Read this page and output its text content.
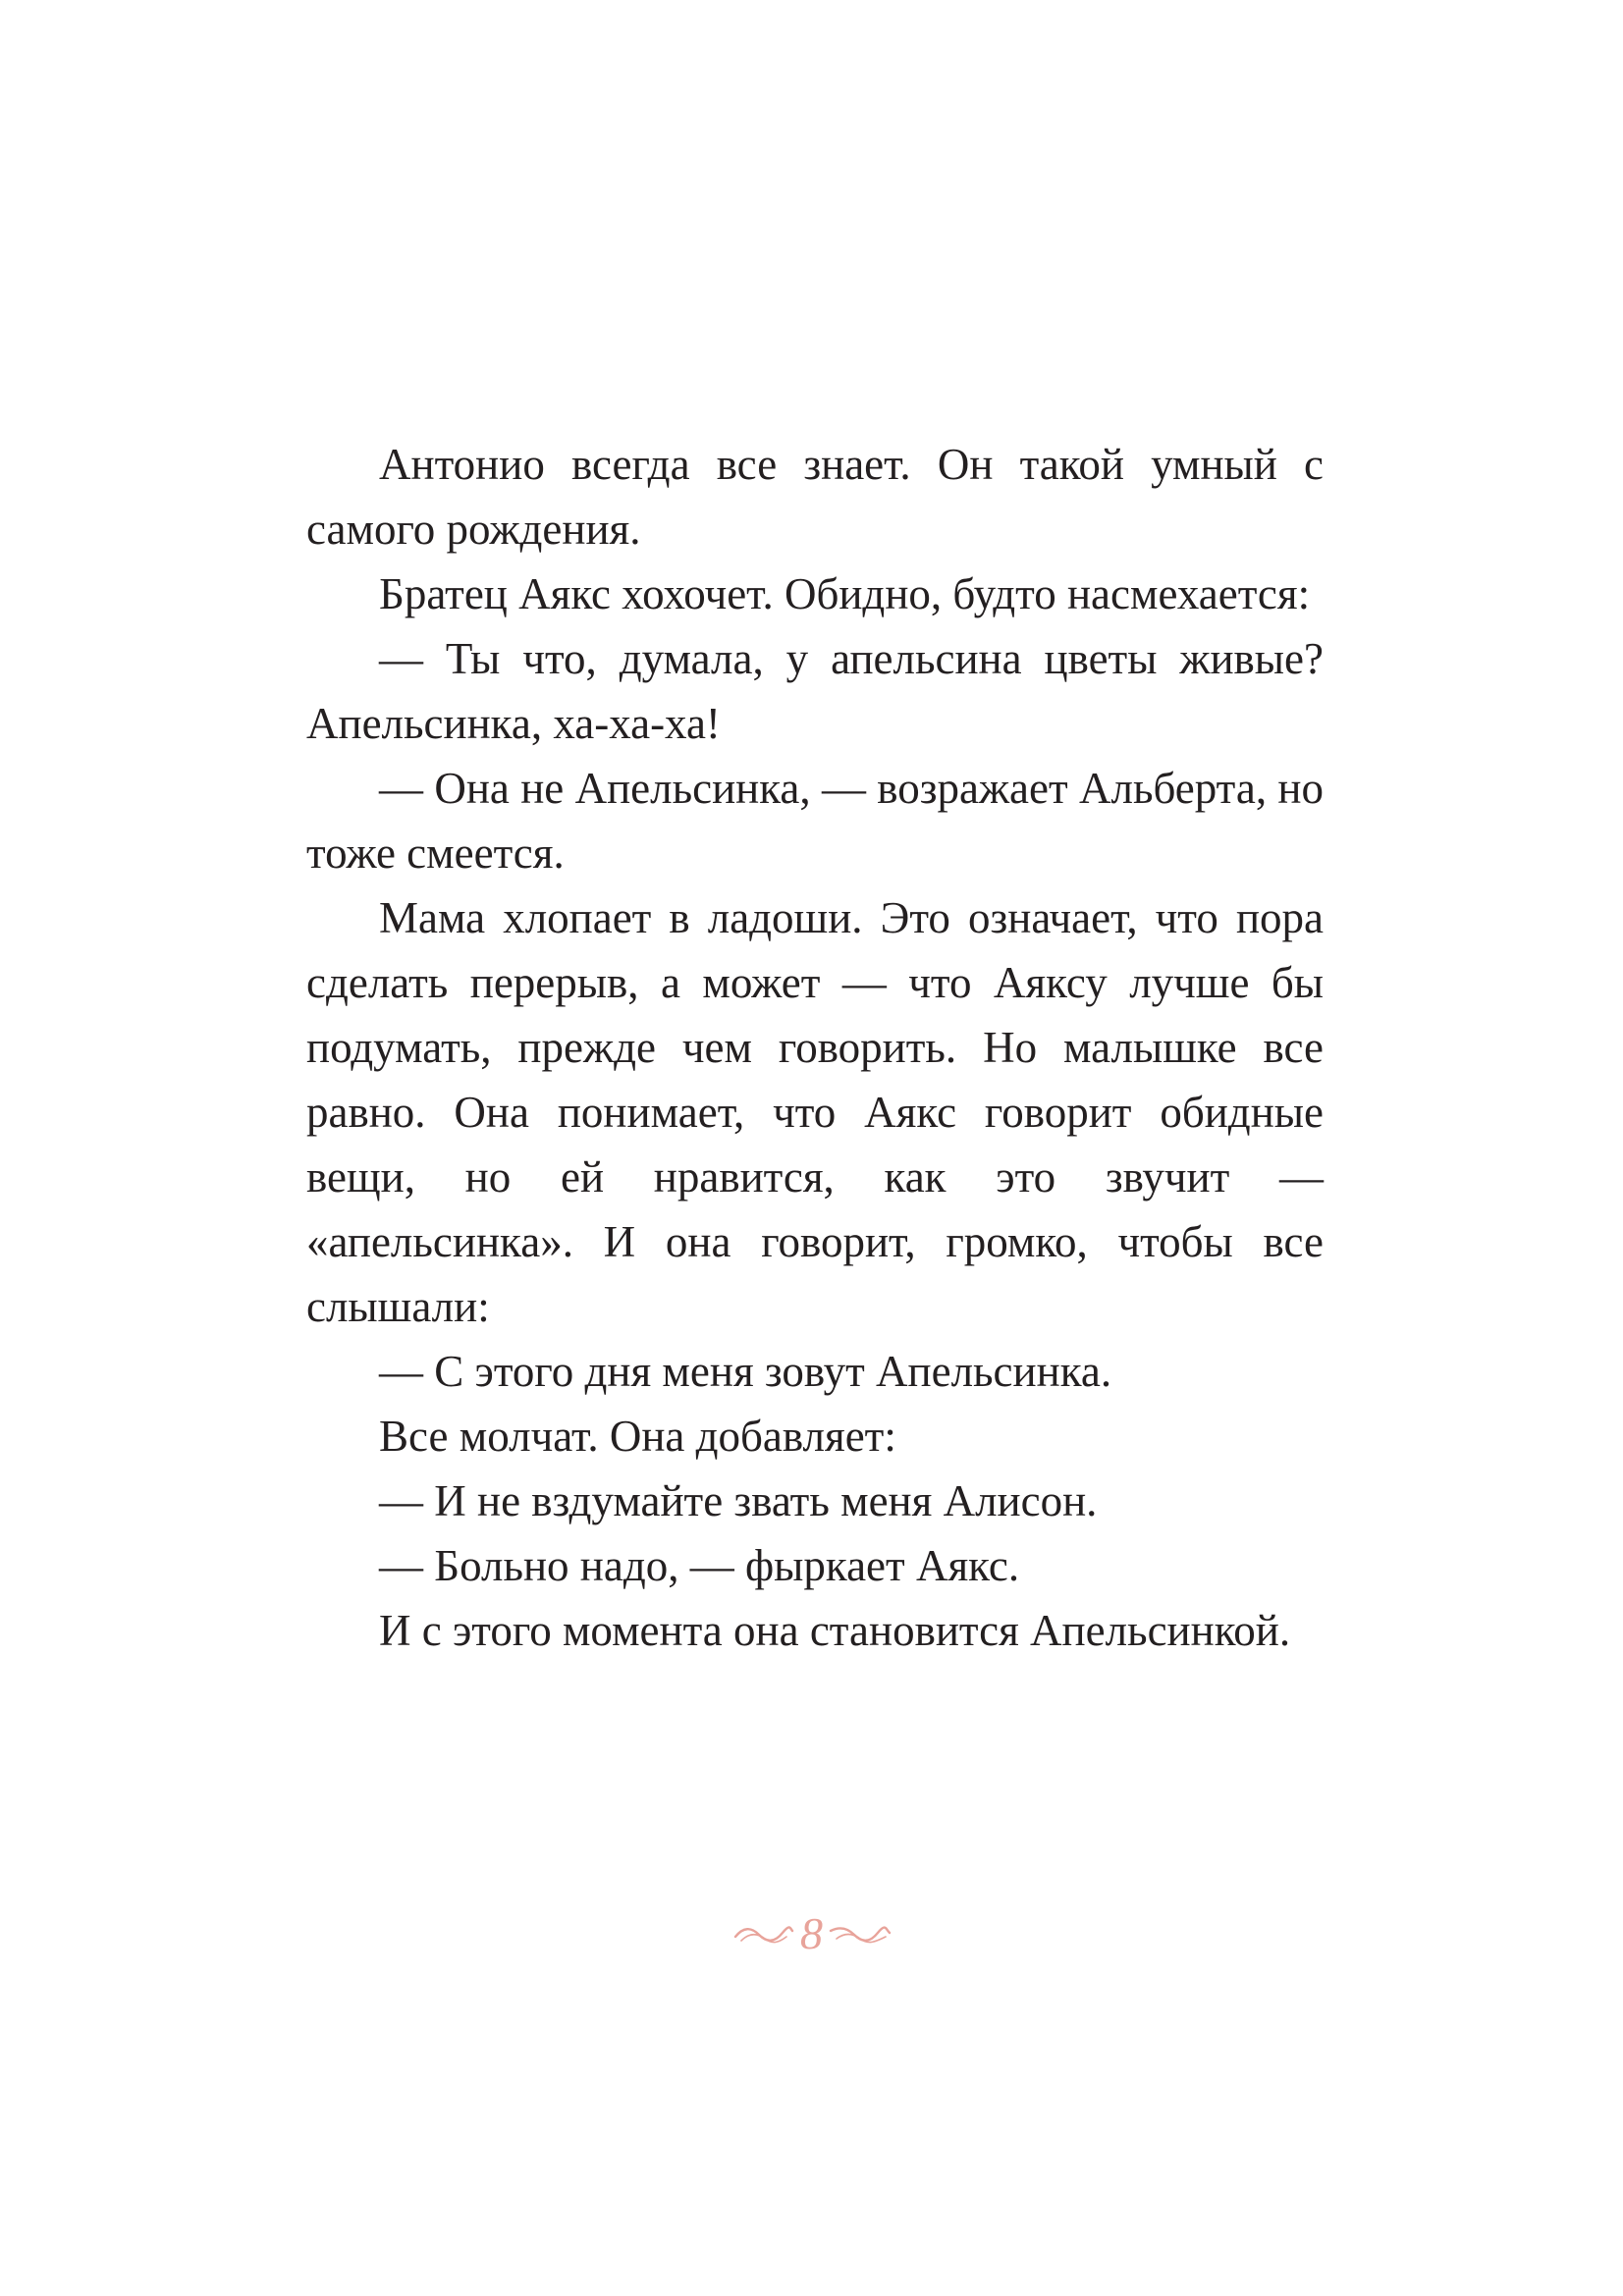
Антонио всегда все знает. Он такой умный с самого рождения.

Братец Аякс хохочет. Обидно, будто насмехается:

— Ты что, думала, у апельсина цветы живые? Апельсинка, ха-ха-ха!

— Она не Апельсинка, — возражает Альберта, но тоже смеется.

Мама хлопает в ладоши. Это означает, что пора сделать перерыв, а может — что Аяксу лучше бы подумать, прежде чем говорить. Но малышке все равно. Она понимает, что Аякс говорит обидные вещи, но ей нравится, как это звучит — «апельсинка». И она говорит, громко, чтобы все слышали:

— С этого дня меня зовут Апельсинка.

Все молчат. Она добавляет:

— И не вздумайте звать меня Алисон.

— Больно надо, — фыркает Аякс.

И с этого момента она становится Апельсинкой.

8
